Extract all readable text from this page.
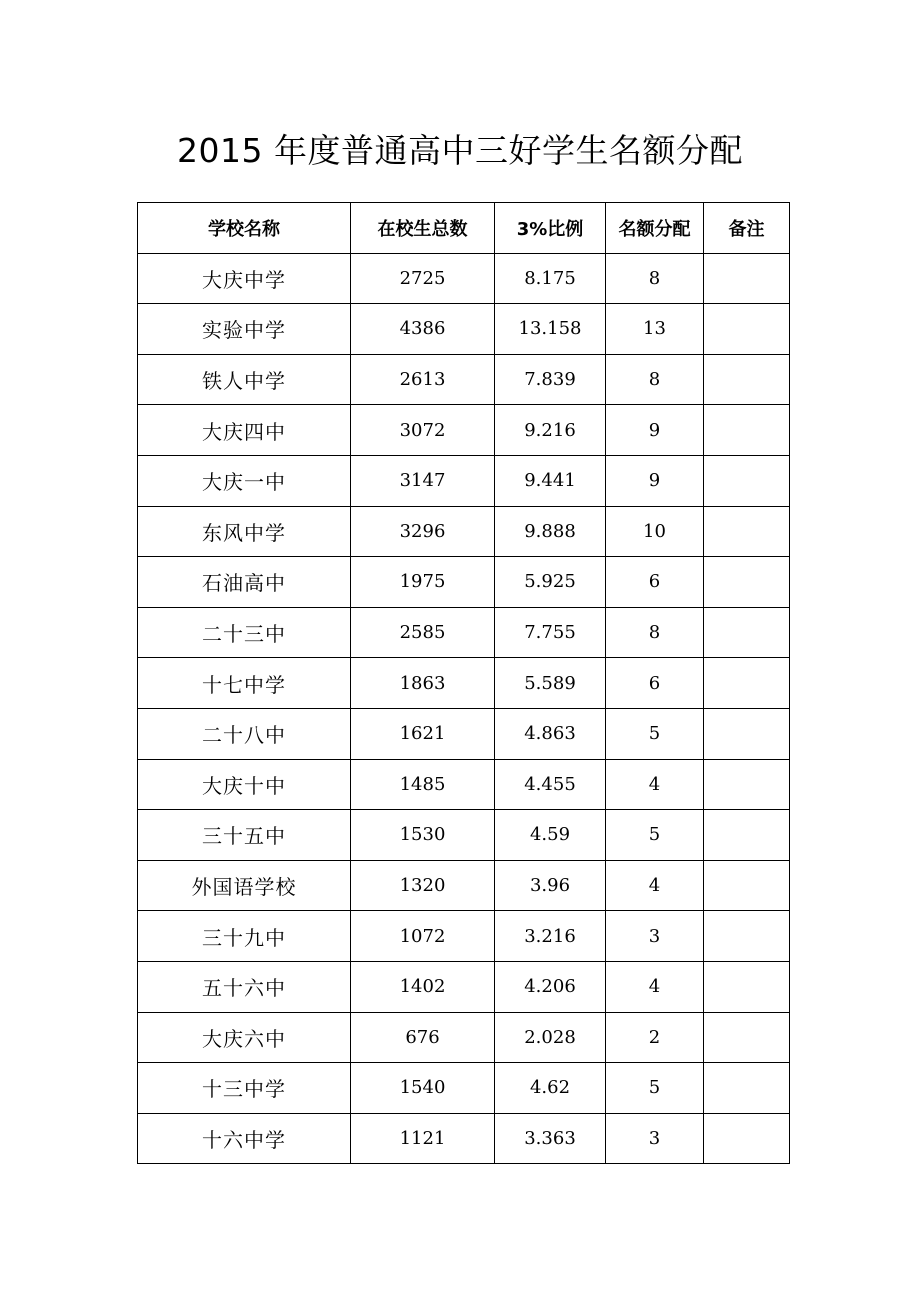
2015 年度普通高中三好学生名额分配
学校名称	在校生总数	3%比例	名额分配	备注
大庆中学	2725	8.175	8	
实验中学	4386	13.158	13	
铁人中学	2613	7.839	8	
大庆四中	3072	9.216	9	
大庆一中	3147	9.441	9	
东风中学	3296	9.888	10	
石油高中	1975	5.925	6	
二十三中	2585	7.755	8	
十七中学	1863	5.589	6	
二十八中	1621	4.863	5	
大庆十中	1485	4.455	4	
三十五中	1530	4.59	5	
外国语学校	1320	3.96	4	
三十九中	1072	3.216	3	
五十六中	1402	4.206	4	
大庆六中	676	2.028	2	
十三中学	1540	4.62	5	
十六中学	1121	3.363	3	
